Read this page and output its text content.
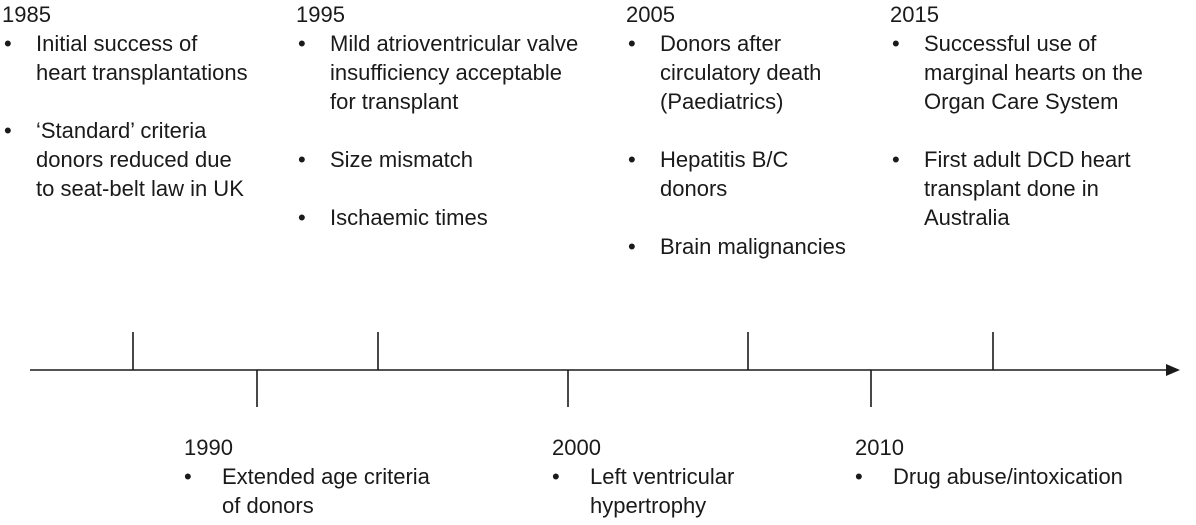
1985

•	Initial success of heart transplantations
•	‘Standard’ criteria donors reduced due to seat-belt law in UK

1995

•	Mild atrioventricular valve insufficiency acceptable for transplant
•	Size mismatch
•	Ischaemic times

2005

•	Donors after circulatory death (Paediatrics)
•	Hepatitis B/C donors
•	Brain malignancies

2015

•	Successful use of marginal hearts on the Organ Care System
•	First adult DCD heart transplant done in Australia

1990

•	Extended age criteria of donors

2000

•	Left ventricular hypertrophy

2010

•	Drug abuse/intoxication
